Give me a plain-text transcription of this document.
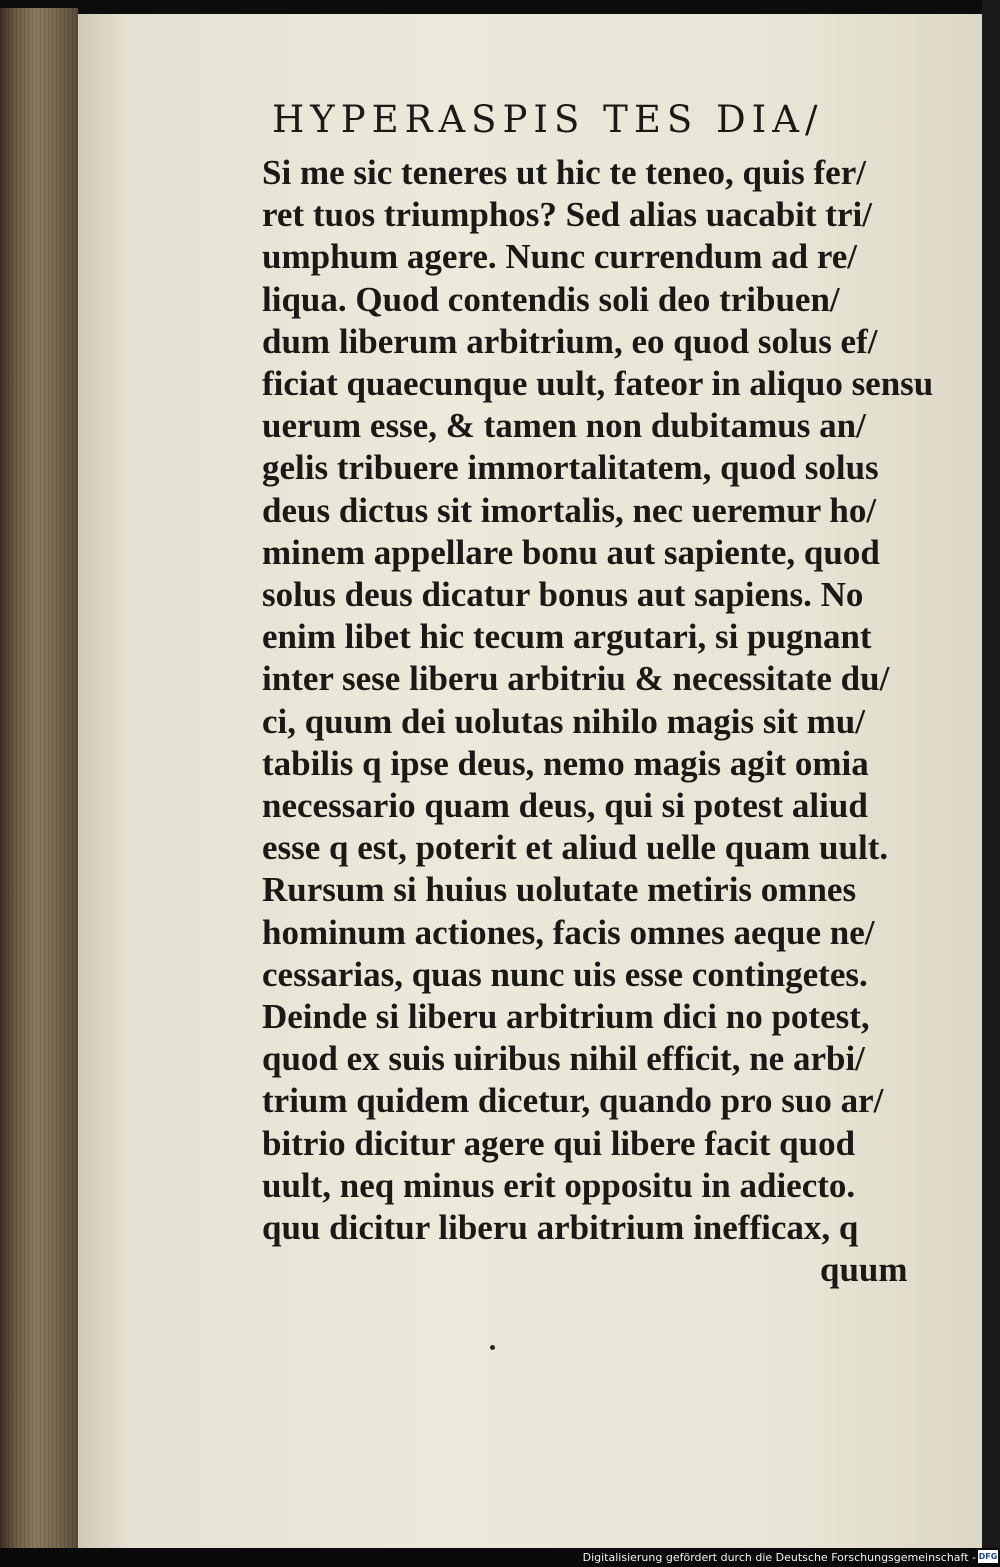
HYPERASPIS TES DIA/
Si me sic teneres ut hic te teneo, quis fer/
ret tuos triumphos? Sed alias uacabit tri/
umphum agere. Nunc currendum ad re/
liqua. Quod contendis soli deo tribuen/
dum liberum arbitrium, eo quod solus ef/
ficiat quaecunque uult, fateor in aliquo sensu
uerum esse, & tamen non dubitamus an/
gelis tribuere immortalitatem, quod solus
deus dictus sit imortalis, nec ueremur ho/
minem appellare bonu aut sapiente, quod
solus deus dicatur bonus aut sapiens. No
enim libet hic tecum argutari, si pugnant
inter sese liberu arbitriu & necessitate du/
ci, quum dei uolutas nihilo magis sit mu/
tabilis q ipse deus, nemo magis agit omia
necessario quam deus, qui si potest aliud
esse q est, poterit et aliud uelle quam uult.
Rursum si huius uolutate metiris omnes
hominum actiones, facis omnes aeque ne/
cessarias, quas nunc uis esse contingetes.
Deinde si liberu arbitrium dici no potest,
quod ex suis uiribus nihil efficit, ne arbi/
trium quidem dicetur, quando pro suo ar/
bitrio dicitur agere qui libere facit quod
uult, neq minus erit oppositu in adiecto.
quu dicitur liberu arbitrium inefficax, q
quum
Digitalisierung gefördert durch die Deutsche Forschungsgemeinschaft - DFG
